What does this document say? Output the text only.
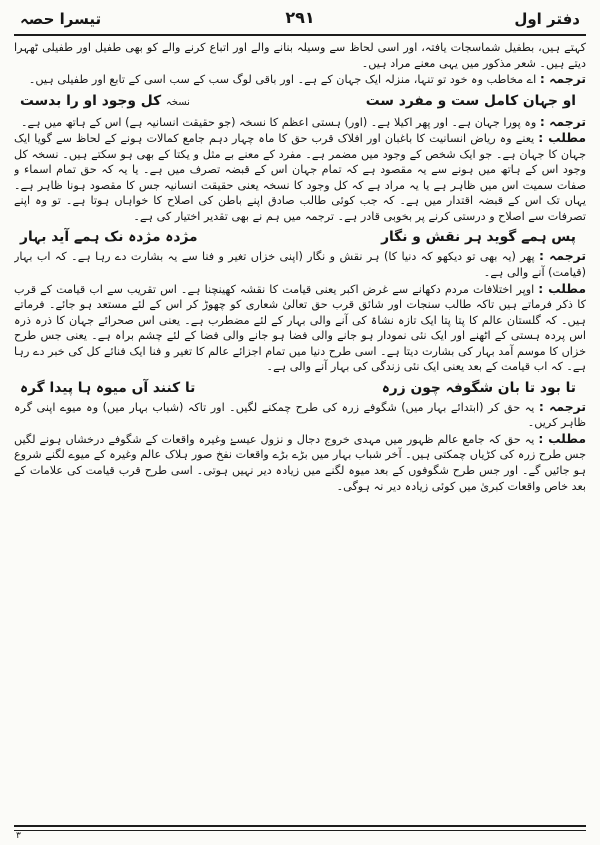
دفتر اول
۲۹۱
تیسرا حصہ

کہتے ہیں، بطفیل شماسجات یافتہ، اور اسی لحاظ سے وسیلہ بنانے والے اور اتباع کرنے والے کو بھی طفیل اور طفیلی ٹھہرا دیتے ہیں۔ شعر مذکور میں یہی معنے مراد ہیں۔

ترجمہ : اے مخاطب وہ خود تو تنہا، منزلہ ایک جہان کے ہے۔ اور باقی لوگ سب کے سب اسی کے تابع اور طفیلی ہیں۔

او جہان کامل ست و مفرد ست
نسخہ کل وجود او را بدست

ترجمہ : وہ پورا جہان ہے۔ اور پھر اکیلا ہے۔ (اور) ہستی اعظم کا نسخہ (جو حقیقت انسانیہ ہے) اس کے ہاتھ میں ہے۔

مطلب : یعنے وہ ریاض انسانیت کا باغبان اور افلاک قرب حق کا ماہ چہار دہم جامع کمالات ہونے کے لحاظ سے گویا ایک جہان کا جہان ہے۔ جو ایک شخص کے وجود میں مضمر ہے۔ مفرد کے معنے بے مثل و یکتا کے بھی ہو سکتے ہیں۔ نسخہ کل وجود اس کے ہاتھ میں ہونے سے یہ مقصود ہے کہ تمام جہان اس کے قبضہ تصرف میں ہے۔ یا یہ کہ حق تمام اسماء و صفات سمیت اس میں ظاہر ہے یا یہ مراد ہے کہ کل وجود کا نسخہ یعنی حقیقت انسانیہ جس کا مقصود ہونا ظاہر ہے۔ یہاں تک اس کے قبضہ اقتدار میں ہے۔ کہ جب کوئی طالب صادق اپنے باطن کی اصلاح کا خواہاں ہوتا ہے۔ تو وہ اپنے تصرفات سے اصلاح و درستی کرنے پر بخوبی قادر ہے۔ ترجمہ میں ہم نے بھی تقدیر اختیار کی ہے۔

پس ہمے گوید ہر نقش و نگار
مژدہ مژدہ نک ہمے آید بہار

ترجمہ : پھر (یہ بھی تو دیکھو کہ دنیا کا) ہر نقش و نگار (اپنی خزاں تغیر و فنا سے یہ بشارت دے رہا ہے۔ کہ اب بہار (قیامت) آنے والی ہے۔

مطلب : اوپر اختلافات مردم دکھانے سے غرض اکبر یعنی قیامت کا نقشہ کھینچنا ہے۔ اس تقریب سے اب قیامت کے قرب کا ذکر فرماتے ہیں تاکہ طالب سنجات اور شائق قرب حق تعالیٰ شعاری کو چھوڑ کر اس کے لئے مستعد ہو جائے۔ فرماتے ہیں۔ کہ گلستان عالم کا پتا پتا ایک تازہ نشاۃ کی آنے والی بہار کے لئے مضطرب ہے۔ یعنی اس صحرائے جہان کا ذرہ ذرہ اس پردہ ہستی کے اٹھنے اور ایک نئی نمودار ہو جانے والی فضا ہو جانے والی فضا کے لئے چشم براہ ہے۔ یعنی جس طرح خزاں کا موسم آمد بہار کی بشارت دیتا ہے۔ اسی طرح دنیا میں تمام اجزائے عالم کا تغیر و فنا ایک فنائے کل کی خبر دے رہا ہے۔ کہ اب قیامت کے بعد یعنی ایک نئی زندگی کی بہار آنے والی ہے۔

تا بود تا بان شگوفہ چون زرہ
تا کنند آں میوہ ہا پیدا گرہ

ترجمہ : یہ حق کر (ابتدائے بہار میں) شگوفے زرہ کی طرح چمکنے لگیں۔ اور تاکہ (شباب بہار میں) وہ میوے اپنی گرہ ظاہر کریں۔

مطلب : یہ حق کہ جامع عالم ظہور میں مہدی خروج دجال و نزول عیسےٰ وغیرہ واقعات کے شگوفے درخشاں ہونے لگیں جس طرح زرہ کی کڑیاں چمکتی ہیں۔ آخر شباب بہار میں بڑے بڑے واقعات نفخ صور ہلاک عالم وغیرہ کے میوے لگنے شروع ہو جائیں گے۔ اور جس طرح شگوفوں کے بعد میوہ لگنے میں زیادہ دیر نہیں ہوتی۔ اسی طرح قرب قیامت کی علامات کے بعد خاص واقعات کبریٰ میں کوئی زیادہ دیر نہ ہوگی۔

۳
